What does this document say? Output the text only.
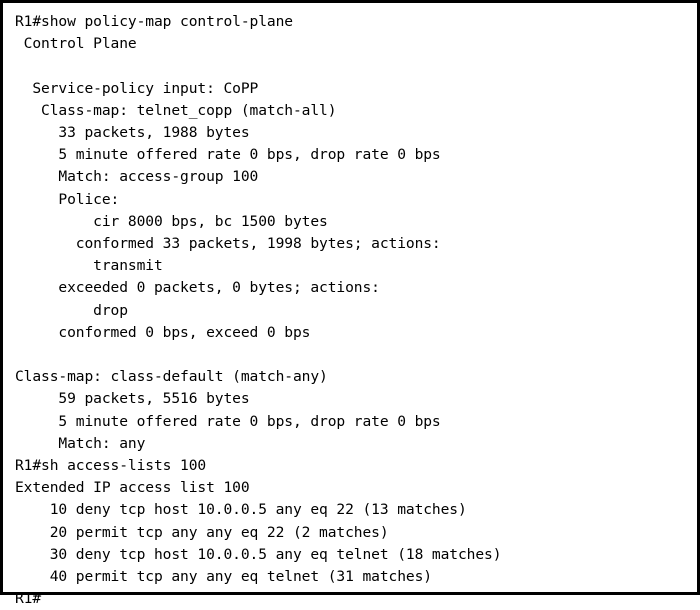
R1#show policy-map control-plane
Control Plane

Service-policy input: CoPP
Class-map: telnet_copp (match-all)
33 packets, 1988 bytes
5 minute offered rate 0 bps, drop rate 0 bps
Match: access-group 100
Police:
cir 8000 bps, bc 1500 bytes
conformed 33 packets, 1998 bytes; actions:
transmit
exceeded 0 packets, 0 bytes; actions:
drop
conformed 0 bps, exceed 0 bps

Class-map: class-default (match-any)
59 packets, 5516 bytes
5 minute offered rate 0 bps, drop rate 0 bps
Match: any
R1#sh access-lists 100
Extended IP access list 100
10 deny tcp host 10.0.0.5 any eq 22 (13 matches)
20 permit tcp any any eq 22 (2 matches)
30 deny tcp host 10.0.0.5 any eq telnet (18 matches)
40 permit tcp any any eq telnet (31 matches)
R1#
